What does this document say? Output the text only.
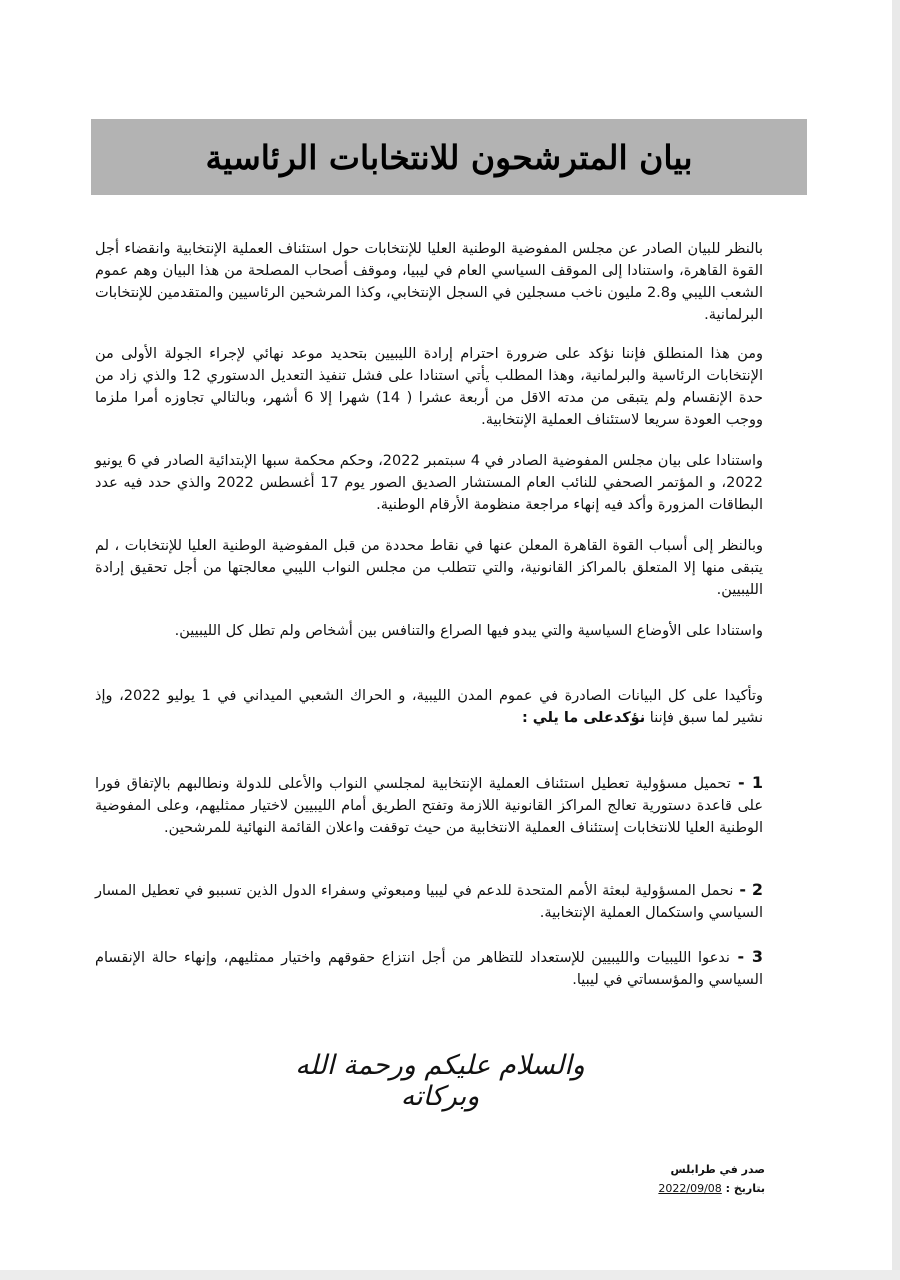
بيان المترشحون للانتخابات الرئاسية
بالنظر للبيان الصادر عن مجلس المفوضية الوطنية العليا للإنتخابات حول استئناف العملية الإنتخابية وانقضاء أجل القوة القاهرة، واستنادا إلى الموقف السياسي العام في ليبيا، وموقف أصحاب المصلحة من هذا البيان وهم عموم الشعب الليبي و2.8 مليون ناخب مسجلين في السجل الإنتخابي، وكذا المرشحين الرئاسيين والمتقدمين للإنتخابات البرلمانية.
ومن هذا المنطلق فإننا نؤكد على ضرورة احترام إرادة الليبيين بتحديد موعد نهائي لإجراء الجولة الأولى من الإنتخابات الرئاسية والبرلمانية، وهذا المطلب يأتي استنادا على فشل تنفيذ التعديل الدستوري 12 والذي زاد من حدة الإنقسام ولم يتبقى من مدته الاقل من أربعة عشرا ( 14) شهرا إلا 6 أشهر، وبالتالي تجاوزه أمرا ملزما ووجب العودة سريعا لاستئناف العملية الإنتخابية.
واستنادا على بيان مجلس المفوضية الصادر في 4 سبتمبر 2022، وحكم محكمة سبها الإبتدائية الصادر في 6 يونيو 2022، و المؤتمر الصحفي للنائب العام المستشار الصديق الصور يوم 17 أغسطس 2022 والذي حدد فيه عدد البطاقات المزورة وأكد فيه إنهاء مراجعة منظومة الأرقام الوطنية.
وبالنظر إلى أسباب القوة القاهرة المعلن عنها في نقاط محددة من قبل المفوضية الوطنية العليا للإنتخابات ، لم يتبقى منها إلا المتعلق بالمراكز القانونية، والتي تتطلب من مجلس النواب الليبي معالجتها من أجل تحقيق إرادة الليبيين.
واستنادا على الأوضاع السياسية والتي يبدو فيها الصراع والتنافس بين أشخاص ولم تطل كل الليبيين.
وتأكيدا على كل البيانات الصادرة في عموم المدن الليبية، و الحراك الشعبي الميداني في 1 يوليو 2022، وإذ نشير لما سبق فإننا نؤكدعلى ما يلي :
1 - تحميل مسؤولية تعطيل استئناف العملية الإنتخابية لمجلسي النواب والأعلى للدولة ونطالبهم بالإتفاق فورا على قاعدة دستورية تعالج المراكز القانونية اللازمة وتفتح الطريق أمام الليبيين لاختيار ممثليهم، وعلى المفوضية الوطنية العليا للانتخابات إستئناف العملية الانتخابية من حيث توقفت واعلان القائمة النهائية للمرشحين.
2 - نحمل المسؤولية لبعثة الأمم المتحدة للدعم في ليبيا ومبعوثي وسفراء الدول الذين تسببو في تعطيل المسار السياسي واستكمال العملية الإنتخابية.
3 - ندعوا الليبيات والليبيين للإستعداد للتظاهر من أجل انتزاع حقوقهم واختيار ممثليهم، وإنهاء حالة الإنقسام السياسي والمؤسساتي في ليبيا.
والسلام عليكم ورحمة الله وبركاته
صدر في طرابلس
بتاريخ : 2022/09/08
